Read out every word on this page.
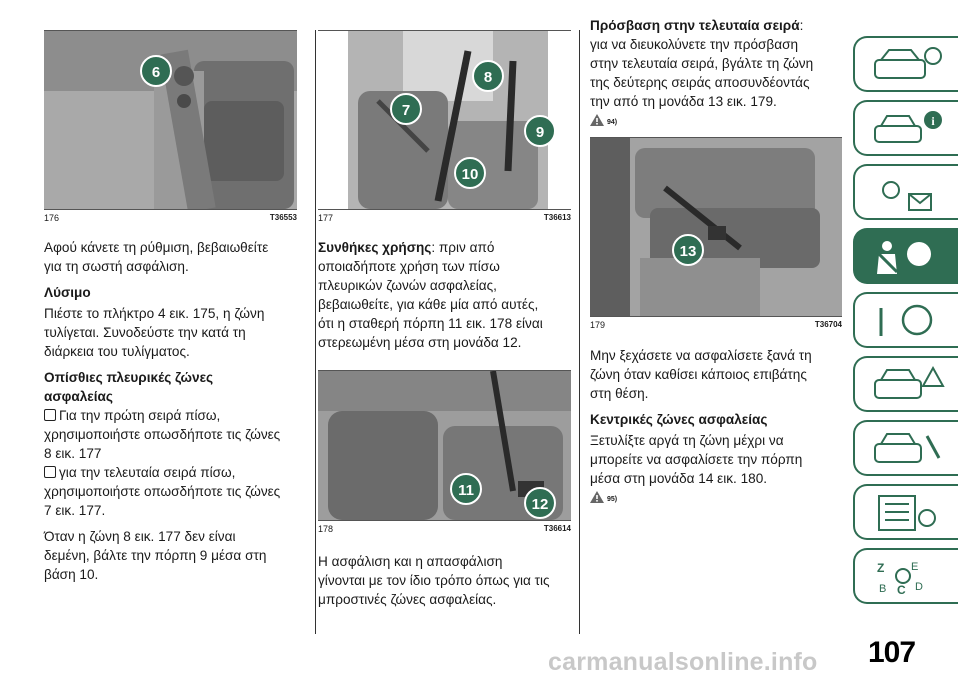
6
176	T36553

Αφού κάνετε τη ρύθμιση, βεβαιωθείτε

για τη σωστή ασφάλιση.

Λύσιμο

Πιέστε το πλήκτρο 4 εικ. 175, η ζώνη

τυλίγεται. Συνοδεύστε την κατά τη

διάρκεια του τυλίγματος.

Οπίσθιες πλευρικές ζώνες

ασφαλείας

Για την πρώτη σειρά πίσω,

χρησιμοποιήστε οπωσδήποτε τις ζώνες

8 εικ. 177

για την τελευταία σειρά πίσω,

χρησιμοποιήστε οπωσδήποτε τις ζώνες

7 εικ. 177.

Όταν η ζώνη 8 εικ. 177 δεν είναι

δεμένη, βάλτε την πόρπη 9 μέσα στη

βάση 10.

8
7
9
10
177	T36613

Συνθήκες χρήσης: πριν από

οποιαδήποτε χρήση των πίσω

πλευρικών ζωνών ασφαλείας,

βεβαιωθείτε, για κάθε μία από αυτές,

ότι η σταθερή πόρπη 11 εικ. 178 είναι

στερεωμένη μέσα στη μονάδα 12.

11
12
178	T36614

Η ασφάλιση και η απασφάλιση

γίνονται με τον ίδιο τρόπο όπως για τις

μπροστινές ζώνες ασφαλείας.

Πρόσβαση στην τελευταία σειρά:

για να διευκολύνετε την πρόσβαση

στην τελευταία σειρά, βγάλτε τη ζώνη

της δεύτερης σειράς αποσυνδέοντάς

την από τη μονάδα 13 εικ. 179.

94)
13
179	T36704

Μην ξεχάσετε να ασφαλίσετε ξανά τη

ζώνη όταν καθίσει κάποιος επιβάτης

στη θέση.

Κεντρικές ζώνες ασφαλείας

Ξετυλίξτε αργά τη ζώνη μέχρι να

μπορείτε να ασφαλίσετε την πόρπη

μέσα στη μονάδα 14 εικ. 180.

95)
i
Z E
B C D
107
carmanualsonline.info
